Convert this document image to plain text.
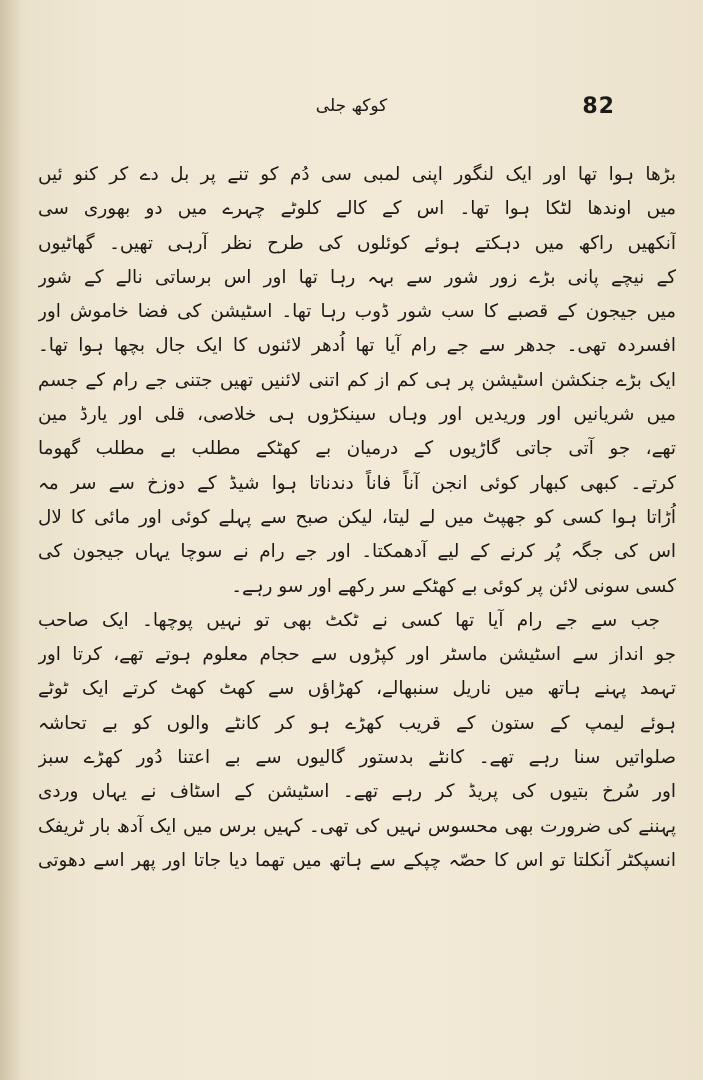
82
کوکھ جلی
بڑھا ہوا تھا اور ایک لنگور اپنی لمبی سی دُم کو تنے پر بل دے کر کنو ئیں
میں اوندھا لٹکا ہوا تھا۔ اس کے کالے کلوٹے چہرے میں دو بھوری سی
آنکھیں راکھ میں دہکتے ہوئے کوئلوں کی طرح نظر آرہی تھیں۔ گھاٹیوں
کے نیچے پانی بڑے زور شور سے بہہ رہا تھا اور اس برساتی نالے کے شور
میں جیجون کے قصبے کا سب شور ڈوب رہا تھا۔ اسٹیشن کی فضا خاموش اور
افسردہ تھی۔ جدھر سے جے رام آیا تھا اُدھر لائنوں کا ایک جال بچھا ہوا تھا۔
ایک بڑے جنکشن اسٹیشن پر ہی کم از کم اتنی لائنیں تھیں جتنی جے رام کے جسم
میں شریانیں اور وریدیں اور وہاں سینکڑوں ہی خلاصی، قلی اور یارڈ مین
تھے، جو آتی جاتی گاڑیوں کے درمیان بے کھٹکے مطلب بے مطلب گھوما
کرتے۔ کبھی کبھار کوئی انجن آناً فاناً دندناتا ہوا شیڈ کے دوزخ سے سر مہ
اُڑاتا ہوا کسی کو جھپٹ میں لے لیتا، لیکن صبح سے پہلے کوئی اور مائی کا لال
اس کی جگہ پُر کرنے کے لیے آدھمکتا۔ اور جے رام نے سوچا یہاں جیجون کی
کسی سونی لائن پر کوئی بے کھٹکے سر رکھے اور سو رہے۔
جب سے جے رام آیا تھا کسی نے ٹکٹ بھی تو نہیں پوچھا۔ ایک صاحب
جو انداز سے اسٹیشن ماسٹر اور کپڑوں سے حجام معلوم ہوتے تھے، کرتا اور
تہمد پہنے ہاتھ میں ناریل سنبھالے، کھڑاؤں سے کھٹ کھٹ کرتے ایک ٹوٹے
ہوئے لیمپ کے ستون کے قریب کھڑے ہو کر کانٹے والوں کو بے تحاشہ
صلواتیں سنا رہے تھے۔ کانٹے بدستور گالیوں سے بے اعتنا دُور کھڑے سبز
اور سُرخ بتیوں کی پریڈ کر رہے تھے۔ اسٹیشن کے اسٹاف نے یہاں وردی
پہننے کی ضرورت بھی محسوس نہیں کی تھی۔ کہیں برس میں ایک آدھ بار ٹریفک
انسپکٹر آنکلتا تو اس کا حصّہ چپکے سے ہاتھ میں تھما دیا جاتا اور پھر اسے دھوتی
